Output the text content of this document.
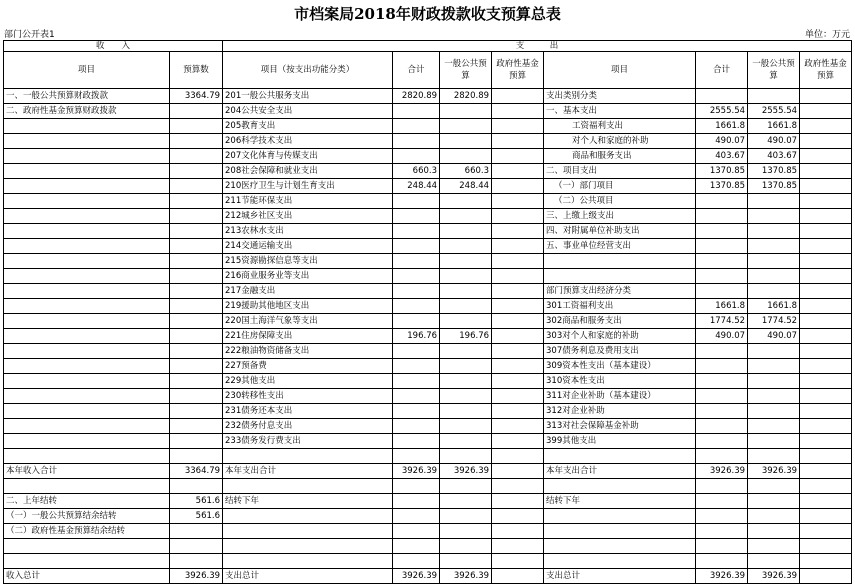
市档案局2018年财政拨款收支预算总表
部门公开表1	单位：万元
收　　入		支　　　出							
项目	预算数	项目（按支出功能分类）	合计	一般公共预算	政府性基金预算	项目	合计	一般公共预算	政府性基金预算
一、一般公共预算财政拨款	3364.79	201一般公共服务支出	2820.89	2820.89		支出类别分类			
二、政府性基金预算财政拨款		204公共安全支出				一、基本支出	2555.54	2555.54	
		205教育支出				工资福利支出	1661.8	1661.8	
		206科学技术支出				对个人和家庭的补助	490.07	490.07	
		207文化体育与传媒支出				商品和服务支出	403.67	403.67	
		208社会保障和就业支出	660.3	660.3		二、项目支出	1370.85	1370.85	
		210医疗卫生与计划生育支出	248.44	248.44		（一）部门项目	1370.85	1370.85	
		211节能环保支出				（二）公共项目			
		212城乡社区支出				三、上缴上级支出			
		213农林水支出				四、对附属单位补助支出			
		214交通运输支出				五、事业单位经营支出			
		215资源勘探信息等支出							
		216商业服务业等支出							
		217金融支出				部门预算支出经济分类			
		219援助其他地区支出				301工资福利支出	1661.8	1661.8	
		220国土海洋气象等支出				302商品和服务支出	1774.52	1774.52	
		221住房保障支出	196.76	196.76		303对个人和家庭的补助	490.07	490.07	
		222粮油物资储备支出				307债务利息及费用支出			
		227预备费				309资本性支出（基本建设）			
		229其他支出				310资本性支出			
		230转移性支出				311对企业补助（基本建设）			
		231债务还本支出				312对企业补助			
		232债务付息支出				313对社会保障基金补助			
		233债务发行费支出				399其他支出			

本年收入合计	3364.79	本年支出合计	3926.39	3926.39		本年支出合计	3926.39	3926.39	

二、上年结转	561.6	结转下年				结转下年			
（一）一般公共预算结余结转	561.6								
（二）政府性基金预算结余结转									

收入总计	3926.39	支出总计	3926.39	3926.39		支出总计	3926.39	3926.39	
